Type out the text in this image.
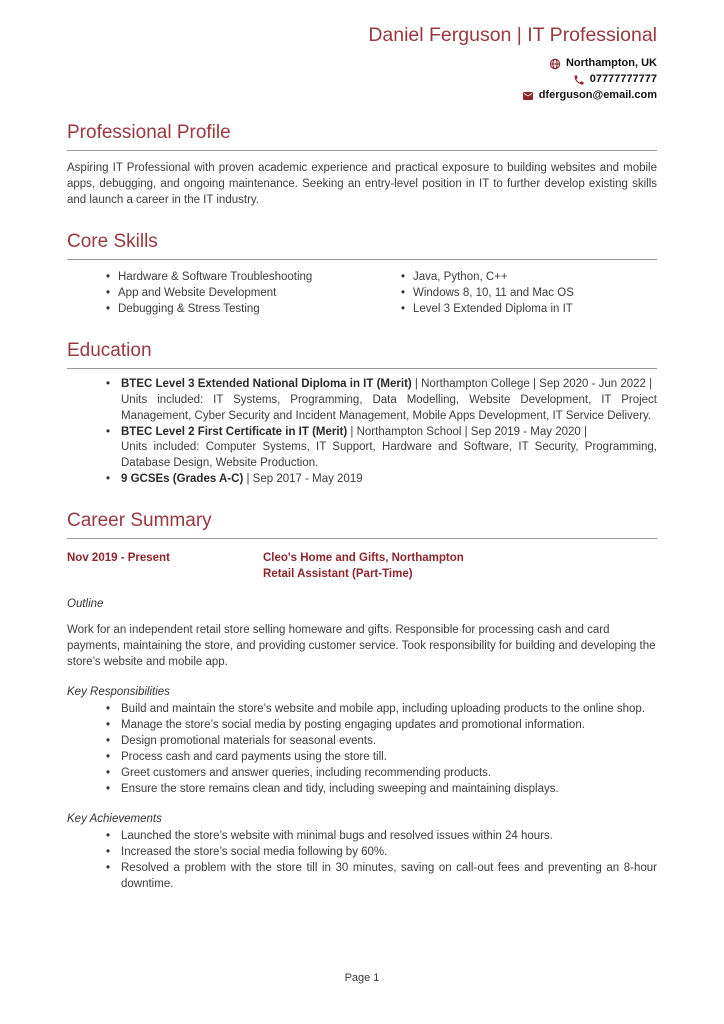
Daniel Ferguson | IT Professional
Northampton, UK
07777777777
dferguson@email.com
Professional Profile

Aspiring IT Professional with proven academic experience and practical exposure to building websites and mobile apps, debugging, and ongoing maintenance. Seeking an entry-level position in IT to further develop existing skills and launch a career in the IT industry.

Core Skills
• Hardware & Software Troubleshooting
• App and Website Development
• Debugging & Stress Testing
• Java, Python, C++
• Windows 8, 10, 11 and Mac OS
• Level 3 Extended Diploma in IT
Education
• BTEC Level 3 Extended National Diploma in IT (Merit) | Northampton College | Sep 2020 - Jun 2022 |
Units included: IT Systems, Programming, Data Modelling, Website Development, IT Project Management, Cyber Security and Incident Management, Mobile Apps Development, IT Service Delivery.
• BTEC Level 2 First Certificate in IT (Merit) | Northampton School | Sep 2019 - May 2020 |
Units included: Computer Systems, IT Support, Hardware and Software, IT Security, Programming, Database Design, Website Production.
• 9 GCSEs (Grades A-C) | Sep 2017 - May 2019
Career Summary
Nov 2019 - Present	Cleo's Home and Gifts, Northampton
Retail Assistant (Part-Time)
Outline

Work for an independent retail store selling homeware and gifts. Responsible for processing cash and card payments, maintaining the store, and providing customer service. Took responsibility for building and developing the store’s website and mobile app.

Key Responsibilities
• Build and maintain the store’s website and mobile app, including uploading products to the online shop.
• Manage the store’s social media by posting engaging updates and promotional information.
• Design promotional materials for seasonal events.
• Process cash and card payments using the store till.
• Greet customers and answer queries, including recommending products.
• Ensure the store remains clean and tidy, including sweeping and maintaining displays.
Key Achievements
• Launched the store’s website with minimal bugs and resolved issues within 24 hours.
• Increased the store’s social media following by 60%.
• Resolved a problem with the store till in 30 minutes, saving on call-out fees and preventing an 8-hour downtime.
Page 1
